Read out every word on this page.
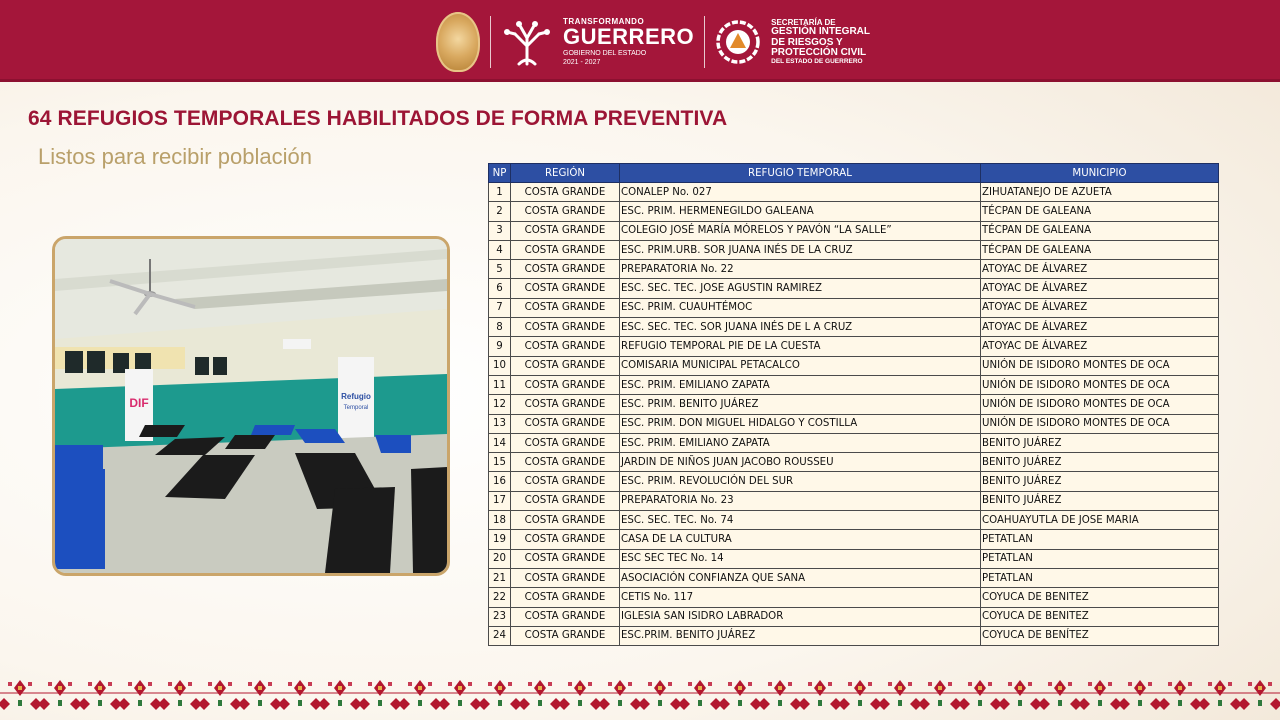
TRANSFORMANDO
GUERRERO
GOBIERNO DEL ESTADO
2021 - 2027
SECRETARÍA DE
GESTIÓN INTEGRAL
DE RIESGOS Y
PROTECCIÓN CIVIL
DEL ESTADO DE GUERRERO
64 REFUGIOS TEMPORALES HABILITADOS DE FORMA PREVENTIVA
Listos para recibir población
DIF	Refugio
Temporal
NP	REGIÓN	REFUGIO TEMPORAL	MUNICIPIO
1	COSTA GRANDE	CONALEP No. 027	ZIHUATANEJO DE AZUETA
2	COSTA GRANDE	ESC. PRIM. HERMENEGILDO GALEANA	TÉCPAN DE GALEANA
3	COSTA GRANDE	COLEGIO JOSÉ MARÍA MÓRELOS Y PAVÓN “LA SALLE”	TÉCPAN DE GALEANA
4	COSTA GRANDE	ESC. PRIM.URB. SOR JUANA INÉS DE LA CRUZ	TÉCPAN DE GALEANA
5	COSTA GRANDE	PREPARATORIA No. 22	ATOYAC DE ÁLVAREZ
6	COSTA GRANDE	ESC. SEC. TEC. JOSE AGUSTIN RAMIREZ	ATOYAC DE ÁLVAREZ
7	COSTA GRANDE	ESC. PRIM. CUAUHTÉMOC	ATOYAC DE ÁLVAREZ
8	COSTA GRANDE	ESC. SEC. TEC. SOR JUANA INÉS DE L A CRUZ	ATOYAC DE ÁLVAREZ
9	COSTA GRANDE	REFUGIO TEMPORAL PIE DE LA CUESTA	ATOYAC DE ÁLVAREZ
10	COSTA GRANDE	COMISARIA MUNICIPAL PETACALCO	UNIÓN DE ISIDORO MONTES DE OCA
11	COSTA GRANDE	ESC. PRIM. EMILIANO ZAPATA	UNIÓN DE ISIDORO MONTES DE OCA
12	COSTA GRANDE	ESC. PRIM. BENITO JUÁREZ	UNIÓN DE ISIDORO MONTES DE OCA
13	COSTA GRANDE	ESC. PRIM. DON MIGUEL HIDALGO Y COSTILLA	UNIÓN DE ISIDORO MONTES DE OCA
14	COSTA GRANDE	ESC. PRIM. EMILIANO ZAPATA	BENITO JUÁREZ
15	COSTA GRANDE	JARDIN DE NIÑOS JUAN JACOBO ROUSSEU	BENITO JUÁREZ
16	COSTA GRANDE	ESC. PRIM. REVOLUCIÓN DEL SUR	BENITO JUÁREZ
17	COSTA GRANDE	PREPARATORIA No. 23	BENITO JUÁREZ
18	COSTA GRANDE	ESC. SEC. TEC. No. 74	COAHUAYUTLA DE JOSE MARIA
19	COSTA GRANDE	CASA DE LA CULTURA	PETATLAN
20	COSTA GRANDE	ESC SEC TEC No. 14	PETATLAN
21	COSTA GRANDE	ASOCIACIÓN CONFIANZA QUE SANA	PETATLAN
22	COSTA GRANDE	CETIS No. 117	COYUCA DE BENITEZ
23	COSTA GRANDE	IGLESIA SAN ISIDRO LABRADOR	COYUCA DE BENITEZ
24	COSTA GRANDE	ESC.PRIM. BENITO JUÁREZ	COYUCA DE BENÍTEZ
